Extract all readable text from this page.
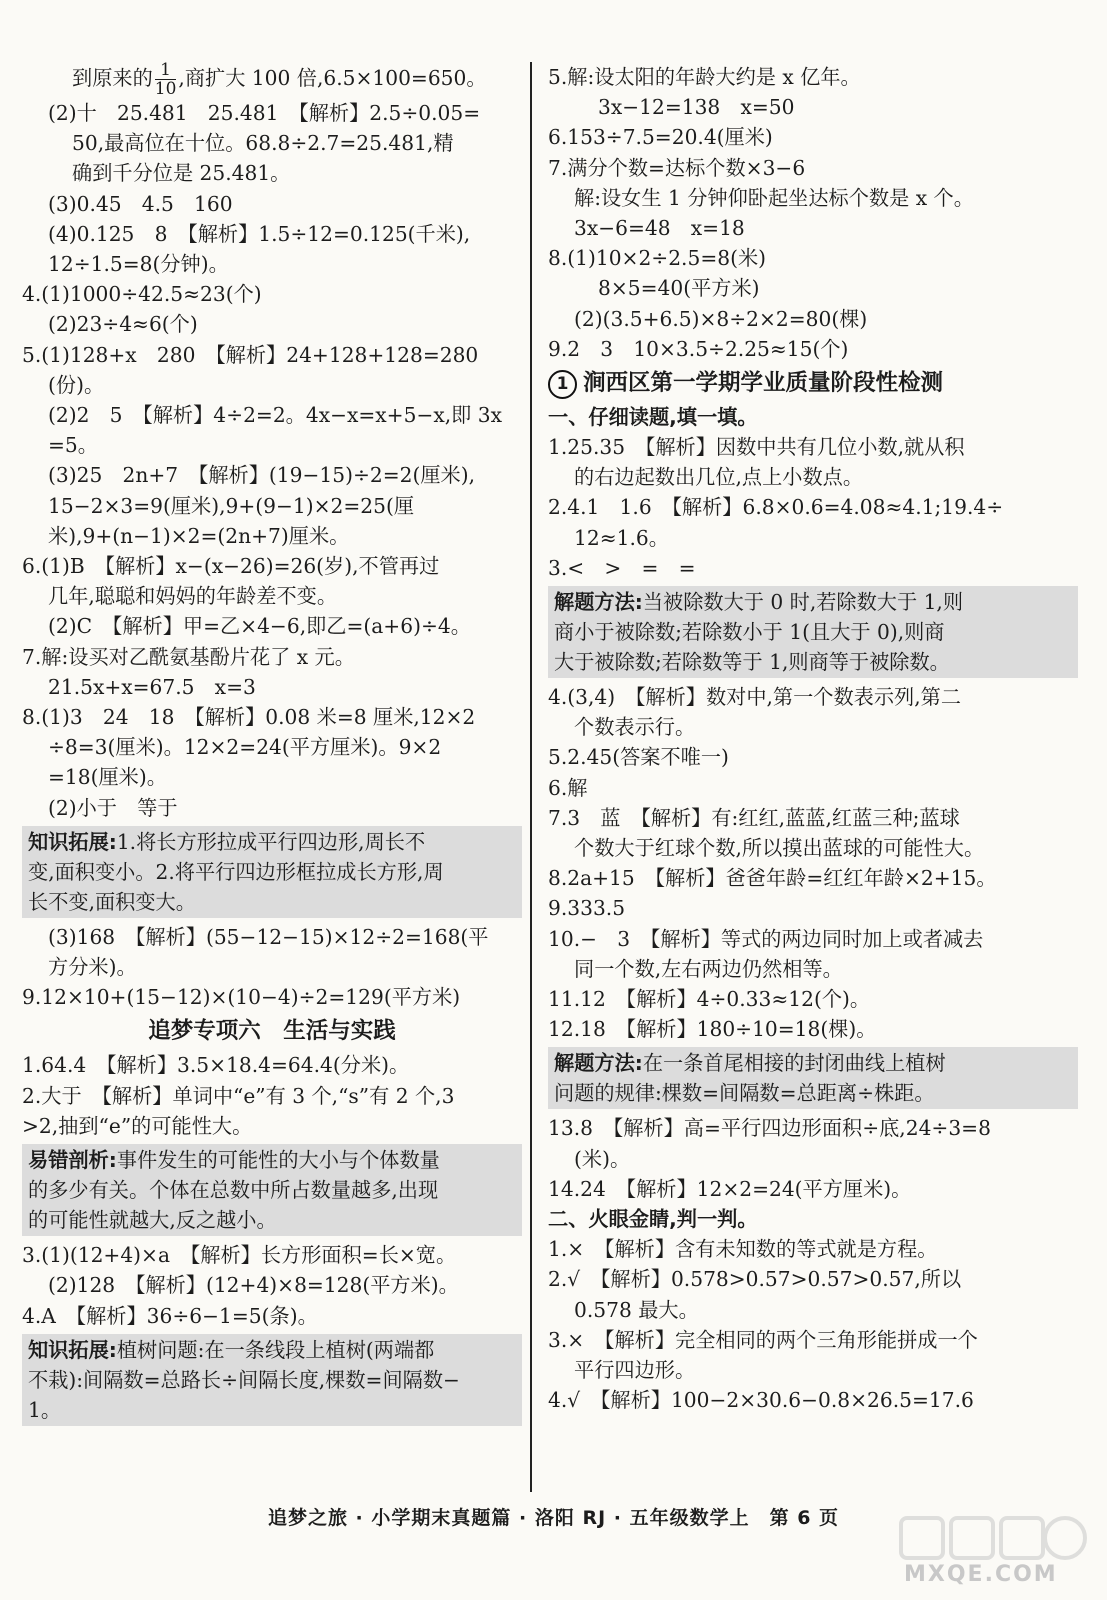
到原来的 $\frac{1}{10}$ ,商扩大 100 倍,6.5×100=650。
(2)十　25.481　25.481　【解析】2.5÷0.05=
50,最高位在十位。68.8÷2.7=25.481,精
确到千分位是 25.481。
(3)0.45　4.5　160
(4)0.125　8　【解析】1.5÷12=0.125(千米),
12÷1.5=8(分钟)。
4.(1)1000÷42.5≈23(个)
(2)23÷4≈6(个)
5.(1)128+x　280　【解析】24+128+128=280
(份)。
(2)2　5　【解析】4÷2=2。4x−x=x+5−x,即 3x
=5。
(3)25　2n+7　【解析】(19−15)÷2=2(厘米),
15−2×3=9(厘米),9+(9−1)×2=25(厘
米),9+(n−1)×2=(2n+7)厘米。
6.(1)B　【解析】x−(x−26)=26(岁),不管再过
几年,聪聪和妈妈的年龄差不变。
(2)C　【解析】甲=乙×4−6,即乙=(a+6)÷4。
7.解:设买对乙酰氨基酚片花了 x 元。
21.5x+x=67.5　x=3
8.(1)3　24　18　【解析】0.08 米=8 厘米,12×2
÷8=3(厘米)。12×2=24(平方厘米)。9×2
=18(厘米)。
(2)小于　等于
知识拓展:1.将长方形拉成平行四边形,周长不
变,面积变小。2.将平行四边形框拉成长方形,周
长不变,面积变大。
(3)168　【解析】(55−12−15)×12÷2=168(平
方分米)。
9.12×10+(15−12)×(10−4)÷2=129(平方米)
追梦专项六　生活与实践
1.64.4　【解析】3.5×18.4=64.4(分米)。
2.大于　【解析】单词中“e”有 3 个,“s”有 2 个,3
>2,抽到“e”的可能性大。
易错剖析:事件发生的可能性的大小与个体数量
的多少有关。个体在总数中所占数量越多,出现
的可能性就越大,反之越小。
3.(1)(12+4)×a　【解析】长方形面积=长×宽。
(2)128　【解析】(12+4)×8=128(平方米)。
4.A　【解析】36÷6−1=5(条)。
知识拓展:植树问题:在一条线段上植树(两端都
不栽):间隔数=总路长÷间隔长度,棵数=间隔数−
1。
5.解:设太阳的年龄大约是 x 亿年。
3x−12=138　x=50
6.153÷7.5=20.4(厘米)
7.满分个数=达标个数×3−6
解:设女生 1 分钟仰卧起坐达标个数是 x 个。
3x−6=48　x=18
8.(1)10×2÷2.5=8(米)
8×5=40(平方米)
(2)(3.5+6.5)×8÷2×2=80(棵)
9.2　3　10×3.5÷2.25≈15(个)
1 涧西区第一学期学业质量阶段性检测
一、仔细读题,填一填。
1.25.35　【解析】因数中共有几位小数,就从积
的右边起数出几位,点上小数点。
2.4.1　1.6　【解析】6.8×0.6=4.08≈4.1;19.4÷
12≈1.6。
3.<　>　=　=
解题方法:当被除数大于 0 时,若除数大于 1,则
商小于被除数;若除数小于 1(且大于 0),则商
大于被除数;若除数等于 1,则商等于被除数。
4.(3,4)　【解析】数对中,第一个数表示列,第二
个数表示行。
5.2.45(答案不唯一)
6.解
7.3　蓝　【解析】有:红红,蓝蓝,红蓝三种;蓝球
个数大于红球个数,所以摸出蓝球的可能性大。
8.2a+15　【解析】爸爸年龄=红红年龄×2+15。
9.333.5
10.−　3　【解析】等式的两边同时加上或者减去
同一个数,左右两边仍然相等。
11.12　【解析】4÷0.33≈12(个)。
12.18　【解析】180÷10=18(棵)。
解题方法:在一条首尾相接的封闭曲线上植树
问题的规律:棵数=间隔数=总距离÷株距。
13.8　【解析】高=平行四边形面积÷底,24÷3=8
(米)。
14.24　【解析】12×2=24(平方厘米)。
二、火眼金睛,判一判。
1.×　【解析】含有未知数的等式就是方程。
2.√　【解析】0.578>0.57>0.57>0.57,所以
0.578 最大。
3.×　【解析】完全相同的两个三角形能拼成一个
平行四边形。
4.√　【解析】100−2×30.6−0.8×26.5=17.6
追梦之旅 · 小学期末真题篇 · 洛阳 RJ · 五年级数学上　第 6 页
MXQE.COM
